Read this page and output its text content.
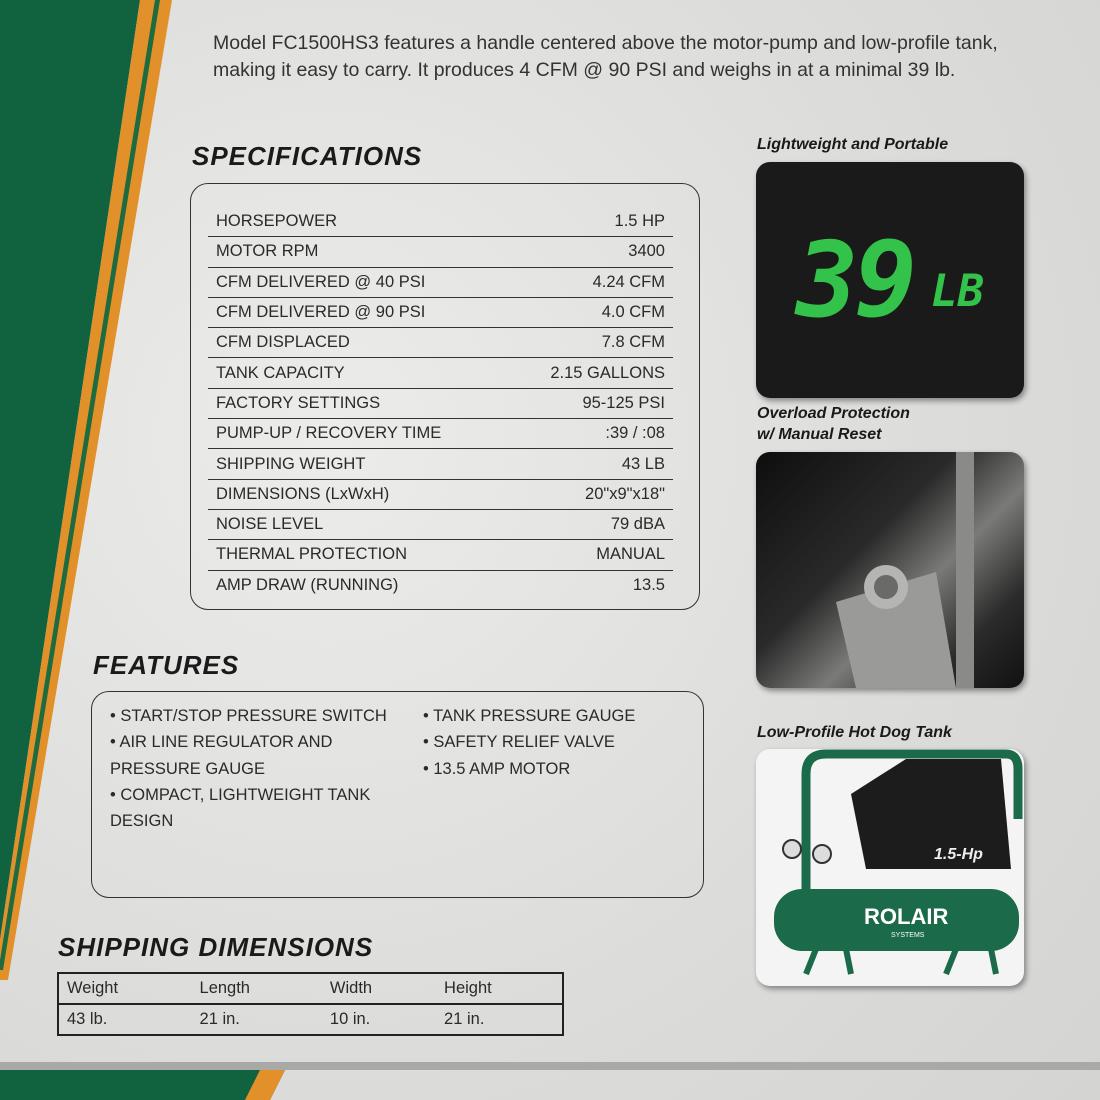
Model FC1500HS3 features a handle centered above the motor-pump and low-profile tank, making it easy to carry. It produces 4 CFM @ 90 PSI and weighs in at a minimal 39 lb.

SPECIFICATIONS
HORSEPOWER	1.5 HP
MOTOR RPM	3400
CFM DELIVERED @ 40 PSI	4.24 CFM
CFM DELIVERED @ 90 PSI	4.0 CFM
CFM DISPLACED	7.8 CFM
TANK CAPACITY	2.15 GALLONS
FACTORY SETTINGS	95-125 PSI
PUMP-UP / RECOVERY TIME	:39 / :08
SHIPPING WEIGHT	43 LB
DIMENSIONS (LxWxH)	20"x9"x18"
NOISE LEVEL	79 dBA
THERMAL PROTECTION	MANUAL
AMP DRAW (RUNNING)	13.5
FEATURES
• START/STOP PRESSURE SWITCH
• AIR LINE REGULATOR AND PRESSURE GAUGE
• COMPACT, LIGHTWEIGHT TANK DESIGN
• TANK PRESSURE GAUGE
• SAFETY RELIEF VALVE
• 13.5 AMP MOTOR
SHIPPING DIMENSIONS
Weight	Length	Width	Height
43 lb.	21 in.	10 in.	21 in.
Lightweight and Portable
39 LB
Overload Protection
w/ Manual Reset
Low-Profile Hot Dog Tank
1.5-Hp
ROLAIR
SYSTEMS
